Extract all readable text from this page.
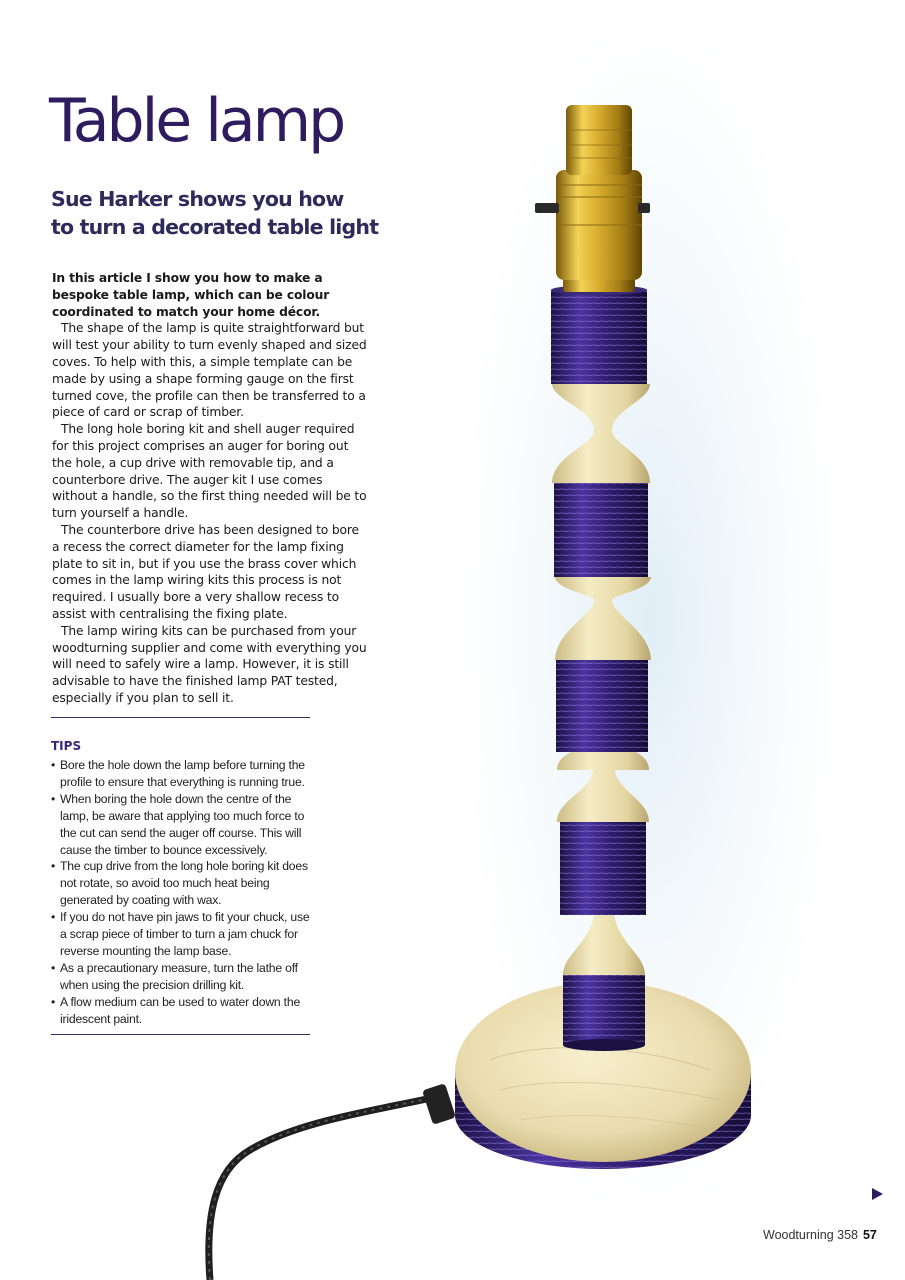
Table lamp
Sue Harker shows you how
to turn a decorated table light

In this article I show you how to make a bespoke table lamp, which can be colour coordinated to match your home décor.

The shape of the lamp is quite straightforward but will test your ability to turn evenly shaped and sized coves. To help with this, a simple template can be made by using a shape forming gauge on the first turned cove, the profile can then be transferred to a piece of card or scrap of timber.

The long hole boring kit and shell auger required for this project comprises an auger for boring out the hole, a cup drive with removable tip, and a counterbore drive. The auger kit I use comes without a handle, so the first thing needed will be to turn yourself a handle.

The counterbore drive has been designed to bore a recess the correct diameter for the lamp fixing plate to sit in, but if you use the brass cover which comes in the lamp wiring kits this process is not required. I usually bore a very shallow recess to assist with centralising the fixing plate.

The lamp wiring kits can be purchased from your woodturning supplier and come with everything you will need to safely wire a lamp. However, it is still advisable to have the finished lamp PAT tested, especially if you plan to sell it.

TIPS
• Bore the hole down the lamp before turning the profile to ensure that everything is running true.
• When boring the hole down the centre of the lamp, be aware that applying too much force to the cut can send the auger off course. This will cause the timber to bounce excessively.
• The cup drive from the long hole boring kit does not rotate, so avoid too much heat being generated by coating with wax.
• If you do not have pin jaws to fit your chuck, use a scrap piece of timber to turn a jam chuck for reverse mounting the lamp base.
• As a precautionary measure, turn the lathe off when using the precision drilling kit.
• A flow medium can be used to water down the iridescent paint.
Woodturning 358 57
